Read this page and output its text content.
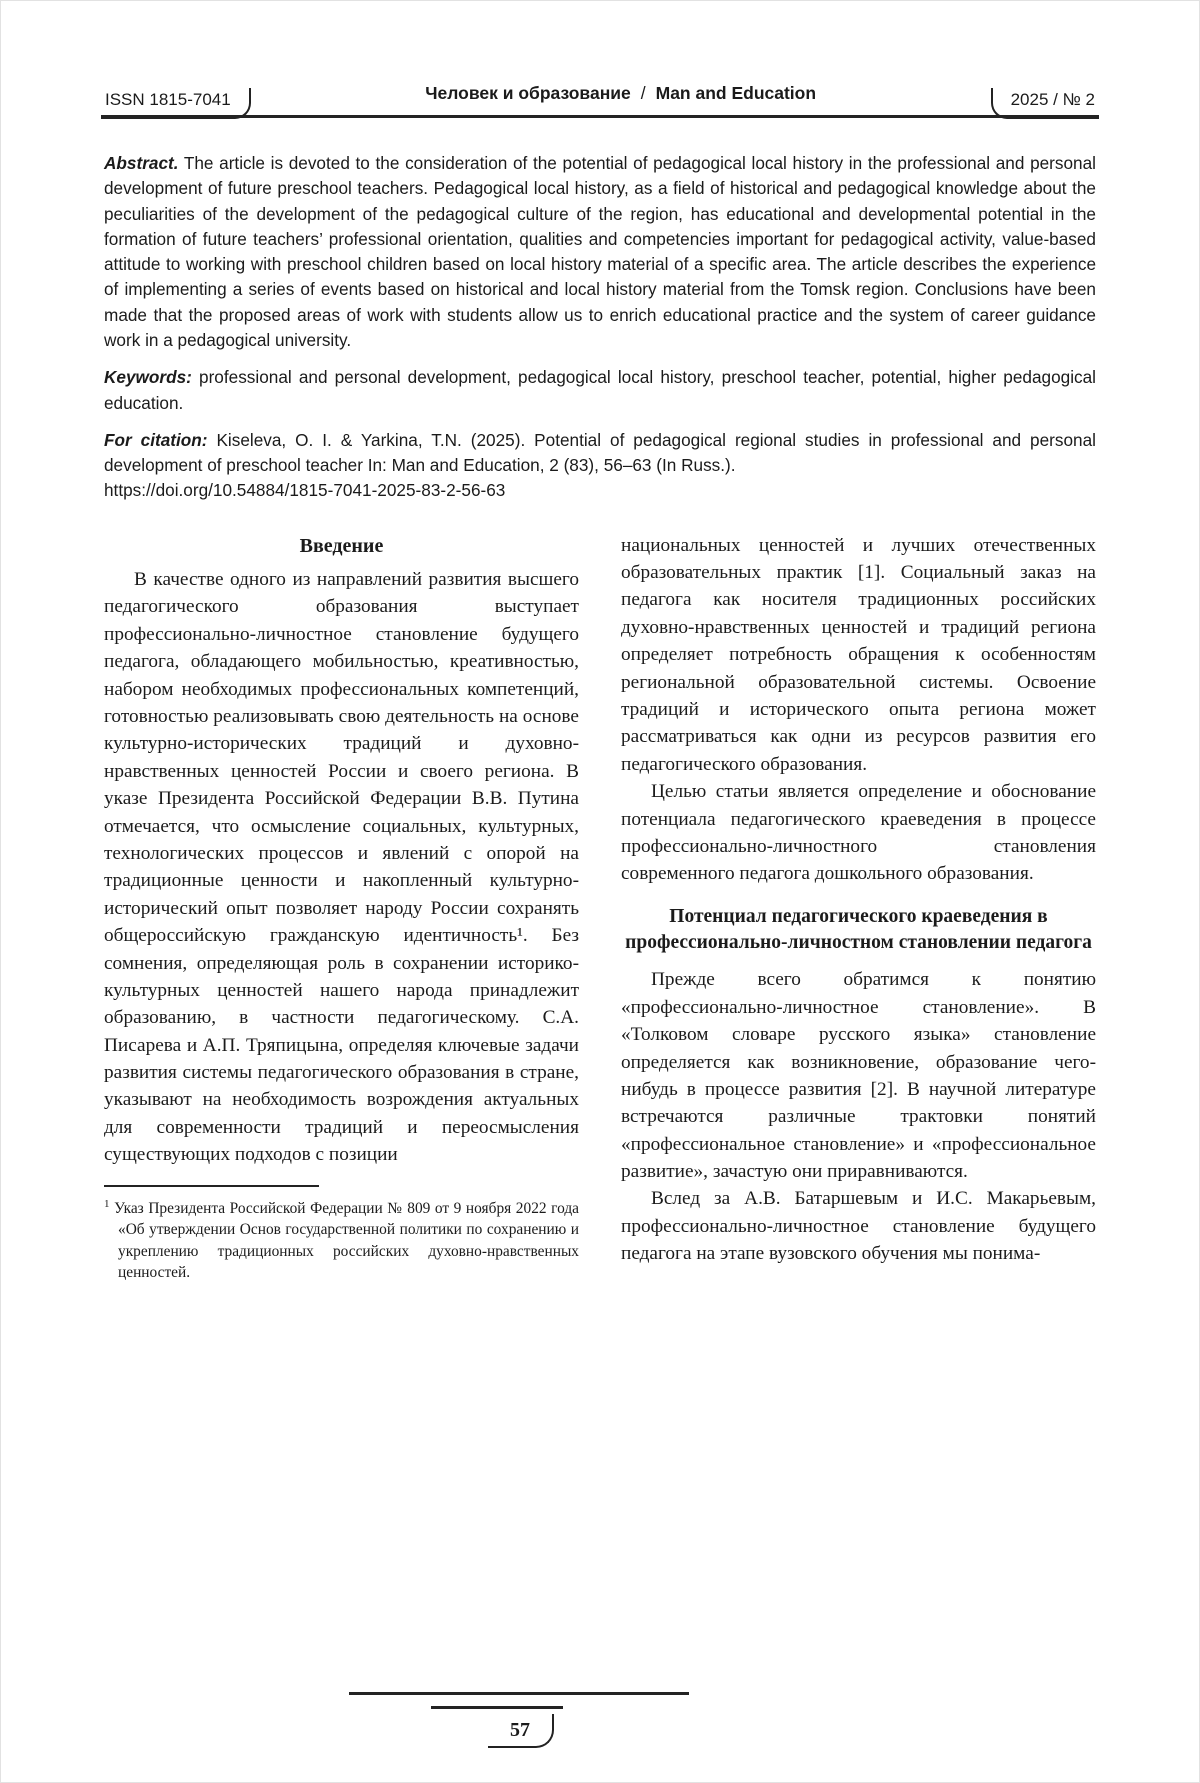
ISSN 1815-7041	Человек и образование / Man and Education	2025 / № 2

Abstract. The article is devoted to the consideration of the potential of pedagogical local history in the professional and personal development of future preschool teachers. Pedagogical local history, as a field of historical and pedagogical knowledge about the peculiarities of the development of the pedagogical culture of the region, has educational and developmental potential in the formation of future teachers’ professional orientation, qualities and competencies important for pedagogical activity, value-based attitude to working with preschool children based on local history material of a specific area. The article describes the experience of implementing a series of events based on historical and local history material from the Tomsk region. Conclusions have been made that the proposed areas of work with students allow us to enrich educational practice and the system of career guidance work in a pedagogical university.

Keywords: professional and personal development, pedagogical local history, preschool teacher, potential, higher pedagogical education.

For citation: Kiseleva, O. I. & Yarkina, T.N. (2025). Potential of pedagogical regional studies in professional and personal development of preschool teacher In: Man and Education, 2 (83), 56–63 (In Russ.).
https://doi.org/10.54884/1815-7041-2025-83-2-56-63

Введение

В качестве одного из направлений развития высшего педагогического образования выступает профессионально-личностное становление будущего педагога, обладающего мобильностью, креативностью, набором необходимых профессиональных компетенций, готовностью реализовывать свою деятельность на основе культурно-исторических традиций и духовно-нравственных ценностей России и своего региона. В указе Президента Российской Федерации В.В. Путина отмечается, что осмысление социальных, культурных, технологических процессов и явлений с опорой на традиционные ценности и накопленный культурно-исторический опыт позволяет народу России сохранять общероссийскую гражданскую идентичность¹. Без сомнения, определяющая роль в сохранении историко-культурных ценностей нашего народа принадлежит образованию, в частности педагогическому. С.А. Писарева и А.П. Тряпицына, определяя ключевые задачи развития системы педагогического образования в стране, указывают на необходимость возрождения актуальных для современности традиций и переосмысления существующих подходов с позиции

$^1$ Указ Президента Российской Федерации № 809 от 9 ноября 2022 года «Об утверждении Основ государственной политики по сохранению и укреплению традиционных российских духовно-нравственных ценностей.

национальных ценностей и лучших отечественных образовательных практик [1]. Социальный заказ на педагога как носителя традиционных российских духовно-нравственных ценностей и традиций региона определяет потребность обращения к особенностям региональной образовательной системы. Освоение традиций и исторического опыта региона может рассматриваться как одни из ресурсов развития его педагогического образования.

Целью статьи является определение и обоснование потенциала педагогического краеведения в процессе профессионально-личностного становления современного педагога дошкольного образования.

Потенциал педагогического краеведения в профессионально-личностном становлении педагога

Прежде всего обратимся к понятию «профессионально-личностное становление». В «Толковом словаре русского языка» становление определяется как возникновение, образование чего-нибудь в процессе развития [2]. В научной литературе встречаются различные трактовки понятий «профессиональное становление» и «профессиональное развитие», зачастую они приравниваются.

Вслед за А.В. Батаршевым и И.С. Макарьевым, профессионально-личностное становление будущего педагога на этапе вузовского обучения мы понима-

57
